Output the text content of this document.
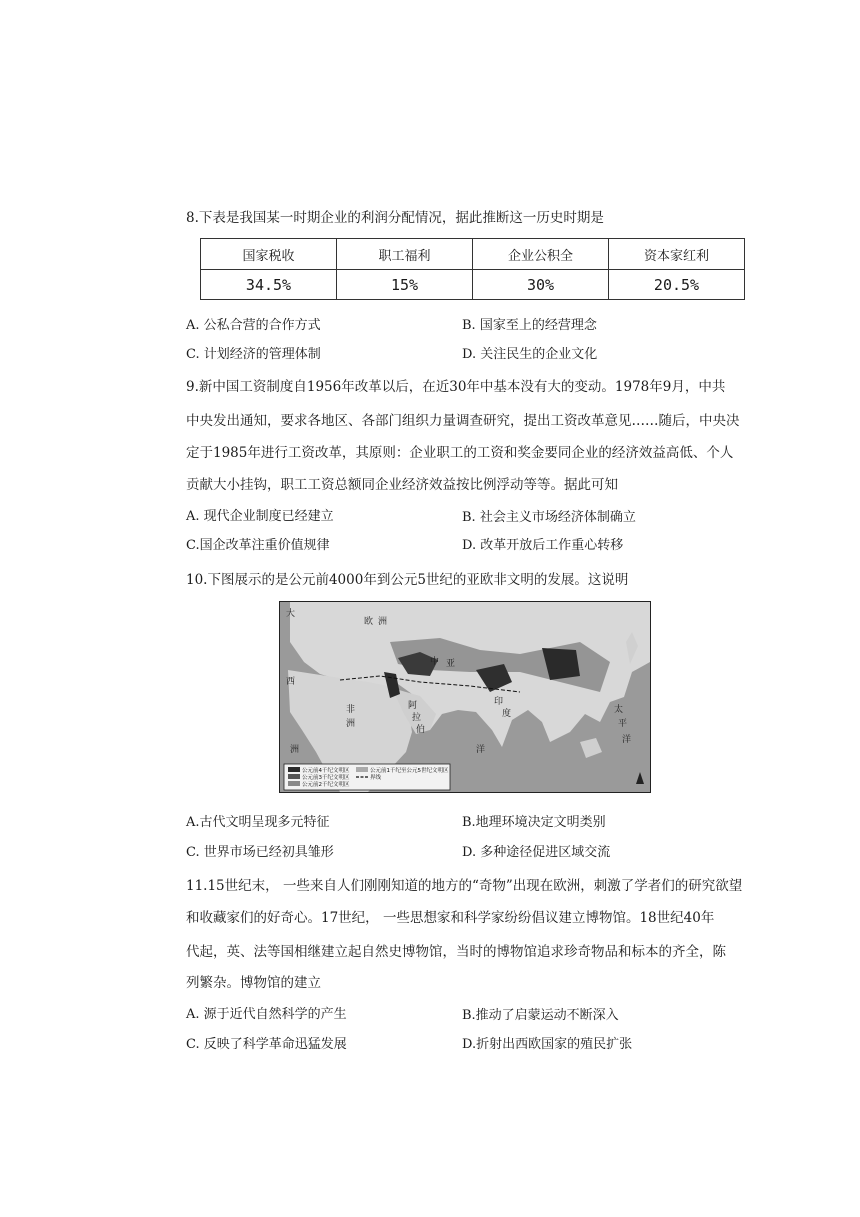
8.下表是我国某一时期企业的利润分配情况，据此推断这一历史时期是
国家税收	职工福利	企业公积全	资本家红利
34.5%	15%	30%	20.5%
A. 公私合营的合作方式	B. 国家至上的经营理念
C. 计划经济的管理体制	D. 关注民生的企业文化
9.新中国工资制度自1956年改革以后，在近30年中基本没有大的变动。1978年9月，中共
中央发出通知，要求各地区、各部门组织力量调查研究，提出工资改革意见……随后，中央决
定于1985年进行工资改革，其原则：企业职工的工资和奖金要同企业的经济效益高低、个人
贡献大小挂钩，职工工资总额同企业经济效益按比例浮动等等。据此可知
A. 现代企业制度已经建立	B. 社会主义市场经济体制确立
C.国企改革注重价值规律	D. 改革开放后工作重心转移
10.下图展示的是公元前4000年到公元5世纪的亚欧非文明的发展。这说明
大
西
洲
阿
拉
伯
印
度
洋
太
平
洋
中 亚
非
洲
欧 洲
公元前4千纪文明区
公元前3千纪文明区
公元前2千纪文明区
公元前1千纪至公元5世纪文明区
界线
A.古代文明呈现多元特征	B.地理环境决定文明类别
C. 世界市场已经初具雏形	D. 多种途径促进区域交流
11.15世纪末， 一些来自人们刚刚知道的地方的“奇物”出现在欧洲，刺激了学者们的研究欲望
和收藏家们的好奇心。17世纪， 一些思想家和科学家纷纷倡议建立博物馆。18世纪40年
代起，英、法等国相继建立起自然史博物馆，当时的博物馆追求珍奇物品和标本的齐全，陈
列繁杂。博物馆的建立
A. 源于近代自然科学的产生	B.推动了启蒙运动不断深入
C. 反映了科学革命迅猛发展	D.折射出西欧国家的殖民扩张
